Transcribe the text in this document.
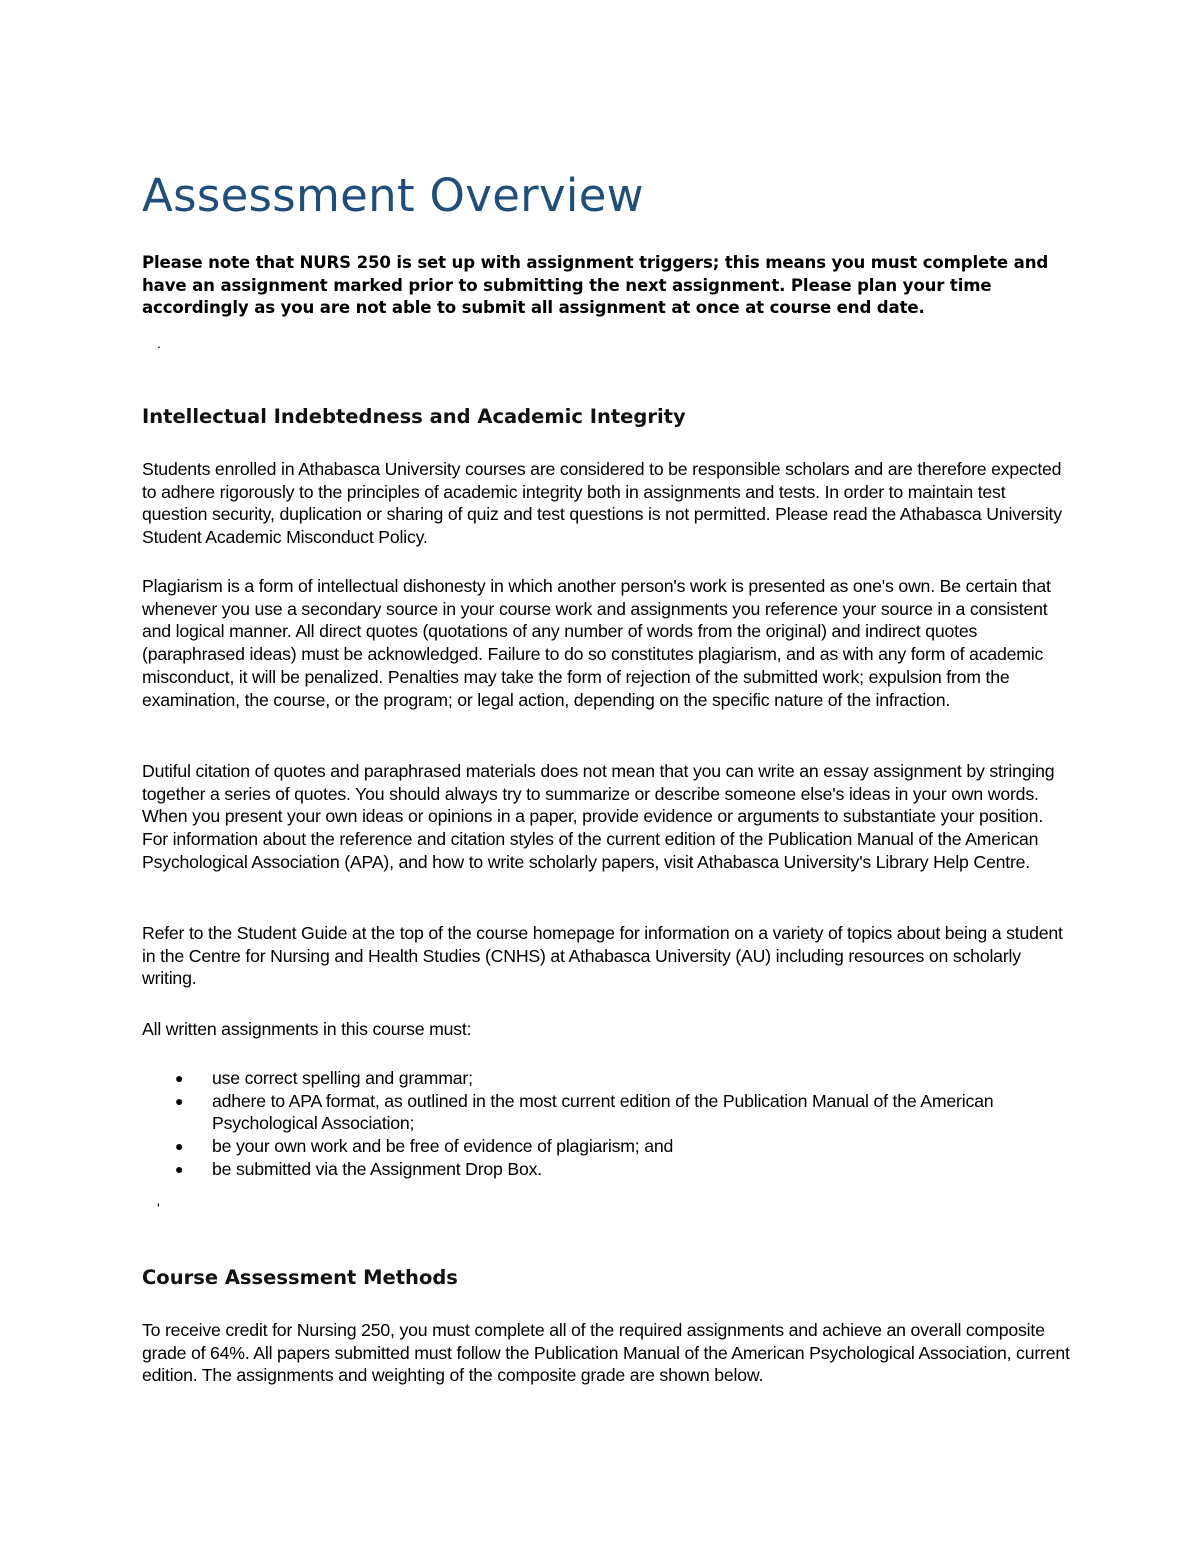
Assessment Overview

Please note that NURS 250 is set up with assignment triggers; this means you must complete and have an assignment marked prior to submitting the next assignment. Please plan your time accordingly as you are not able to submit all assignment at once at course end date.

.
Intellectual Indebtedness and Academic Integrity

Students enrolled in Athabasca University courses are considered to be responsible scholars and are therefore expected to adhere rigorously to the principles of academic integrity both in assignments and tests. In order to maintain test question security, duplication or sharing of quiz and test questions is not permitted. Please read the Athabasca University Student Academic Misconduct Policy.

Plagiarism is a form of intellectual dishonesty in which another person's work is presented as one's own. Be certain that whenever you use a secondary source in your course work and assignments you reference your source in a consistent and logical manner. All direct quotes (quotations of any number of words from the original) and indirect quotes (paraphrased ideas) must be acknowledged. Failure to do so constitutes plagiarism, and as with any form of academic misconduct, it will be penalized. Penalties may take the form of rejection of the submitted work; expulsion from the examination, the course, or the program; or legal action, depending on the specific nature of the infraction.

Dutiful citation of quotes and paraphrased materials does not mean that you can write an essay assignment by stringing together a series of quotes. You should always try to summarize or describe someone else's ideas in your own words. When you present your own ideas or opinions in a paper, provide evidence or arguments to substantiate your position. For information about the reference and citation styles of the current edition of the Publication Manual of the American Psychological Association (APA), and how to write scholarly papers, visit Athabasca University's Library Help Centre.

Refer to the Student Guide at the top of the course homepage for information on a variety of topics about being a student in the Centre for Nursing and Health Studies (CNHS) at Athabasca University (AU) including resources on scholarly writing.

All written assignments in this course must:

● use correct spelling and grammar;
● adhere to APA format, as outlined in the most current edition of the Publication Manual of the American Psychological Association;
● be your own work and be free of evidence of plagiarism; and
● be submitted via the Assignment Drop Box.
'
Course Assessment Methods

To receive credit for Nursing 250, you must complete all of the required assignments and achieve an overall composite grade of 64%. All papers submitted must follow the Publication Manual of the American Psychological Association, current edition. The assignments and weighting of the composite grade are shown below.
